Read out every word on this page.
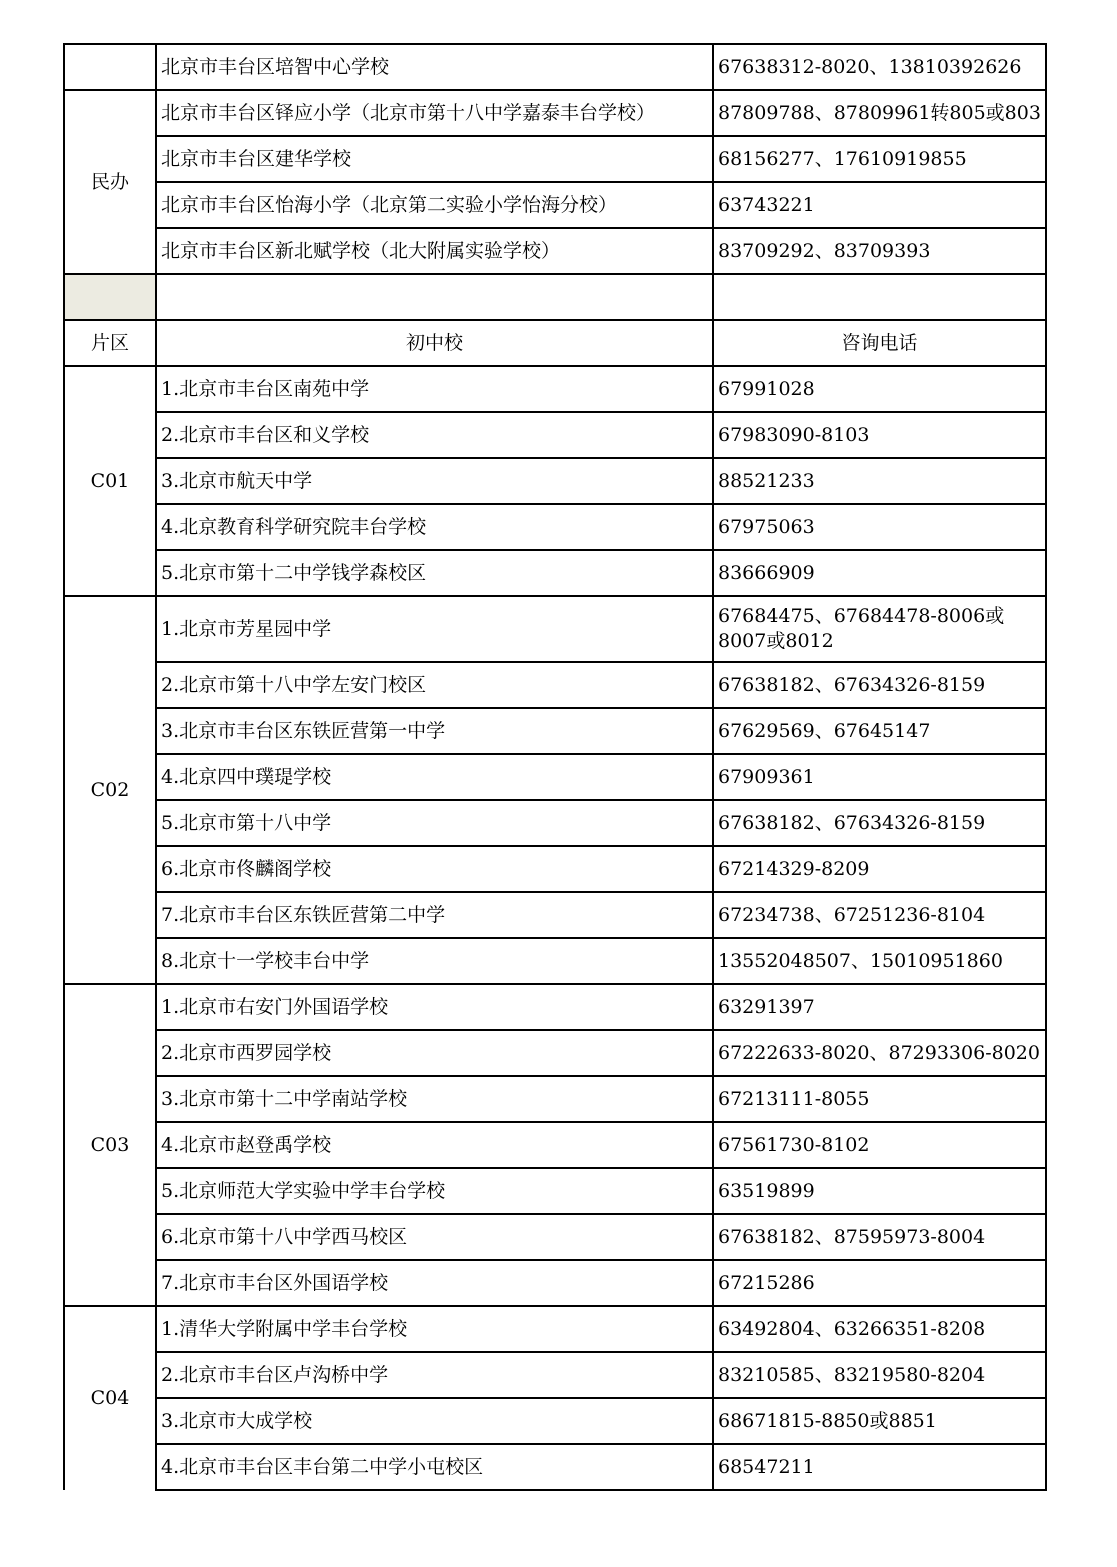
	北京市丰台区培智中心学校	67638312-8020、13810392626
民办	北京市丰台区铎应小学（北京市第十八中学嘉泰丰台学校）	87809788、87809961转805或803
	北京市丰台区建华学校	68156277、17610919855
	北京市丰台区怡海小学（北京第二实验小学怡海分校）	63743221
	北京市丰台区新北赋学校（北大附属实验学校）	83709292、83709393

片区	初中校	咨询电话
C01	1.北京市丰台区南苑中学	67991028
	2.北京市丰台区和义学校	67983090-8103
	3.北京市航天中学	88521233
	4.北京教育科学研究院丰台学校	67975063
	5.北京市第十二中学钱学森校区	83666909
C02	1.北京市芳星园中学	67684475、67684478-8006或8007或8012
	2.北京市第十八中学左安门校区	67638182、67634326-8159
	3.北京市丰台区东铁匠营第一中学	67629569、67645147
	4.北京四中璞瑅学校	67909361
	5.北京市第十八中学	67638182、67634326-8159
	6.北京市佟麟阁学校	67214329-8209
	7.北京市丰台区东铁匠营第二中学	67234738、67251236-8104
	8.北京十一学校丰台中学	13552048507、15010951860
C03	1.北京市右安门外国语学校	63291397
	2.北京市西罗园学校	67222633-8020、87293306-8020
	3.北京市第十二中学南站学校	67213111-8055
	4.北京市赵登禹学校	67561730-8102
	5.北京师范大学实验中学丰台学校	63519899
	6.北京市第十八中学西马校区	67638182、87595973-8004
	7.北京市丰台区外国语学校	67215286
C04	1.清华大学附属中学丰台学校	63492804、63266351-8208
	2.北京市丰台区卢沟桥中学	83210585、83219580-8204
	3.北京市大成学校	68671815-8850或8851
	4.北京市丰台区丰台第二中学小屯校区	68547211
